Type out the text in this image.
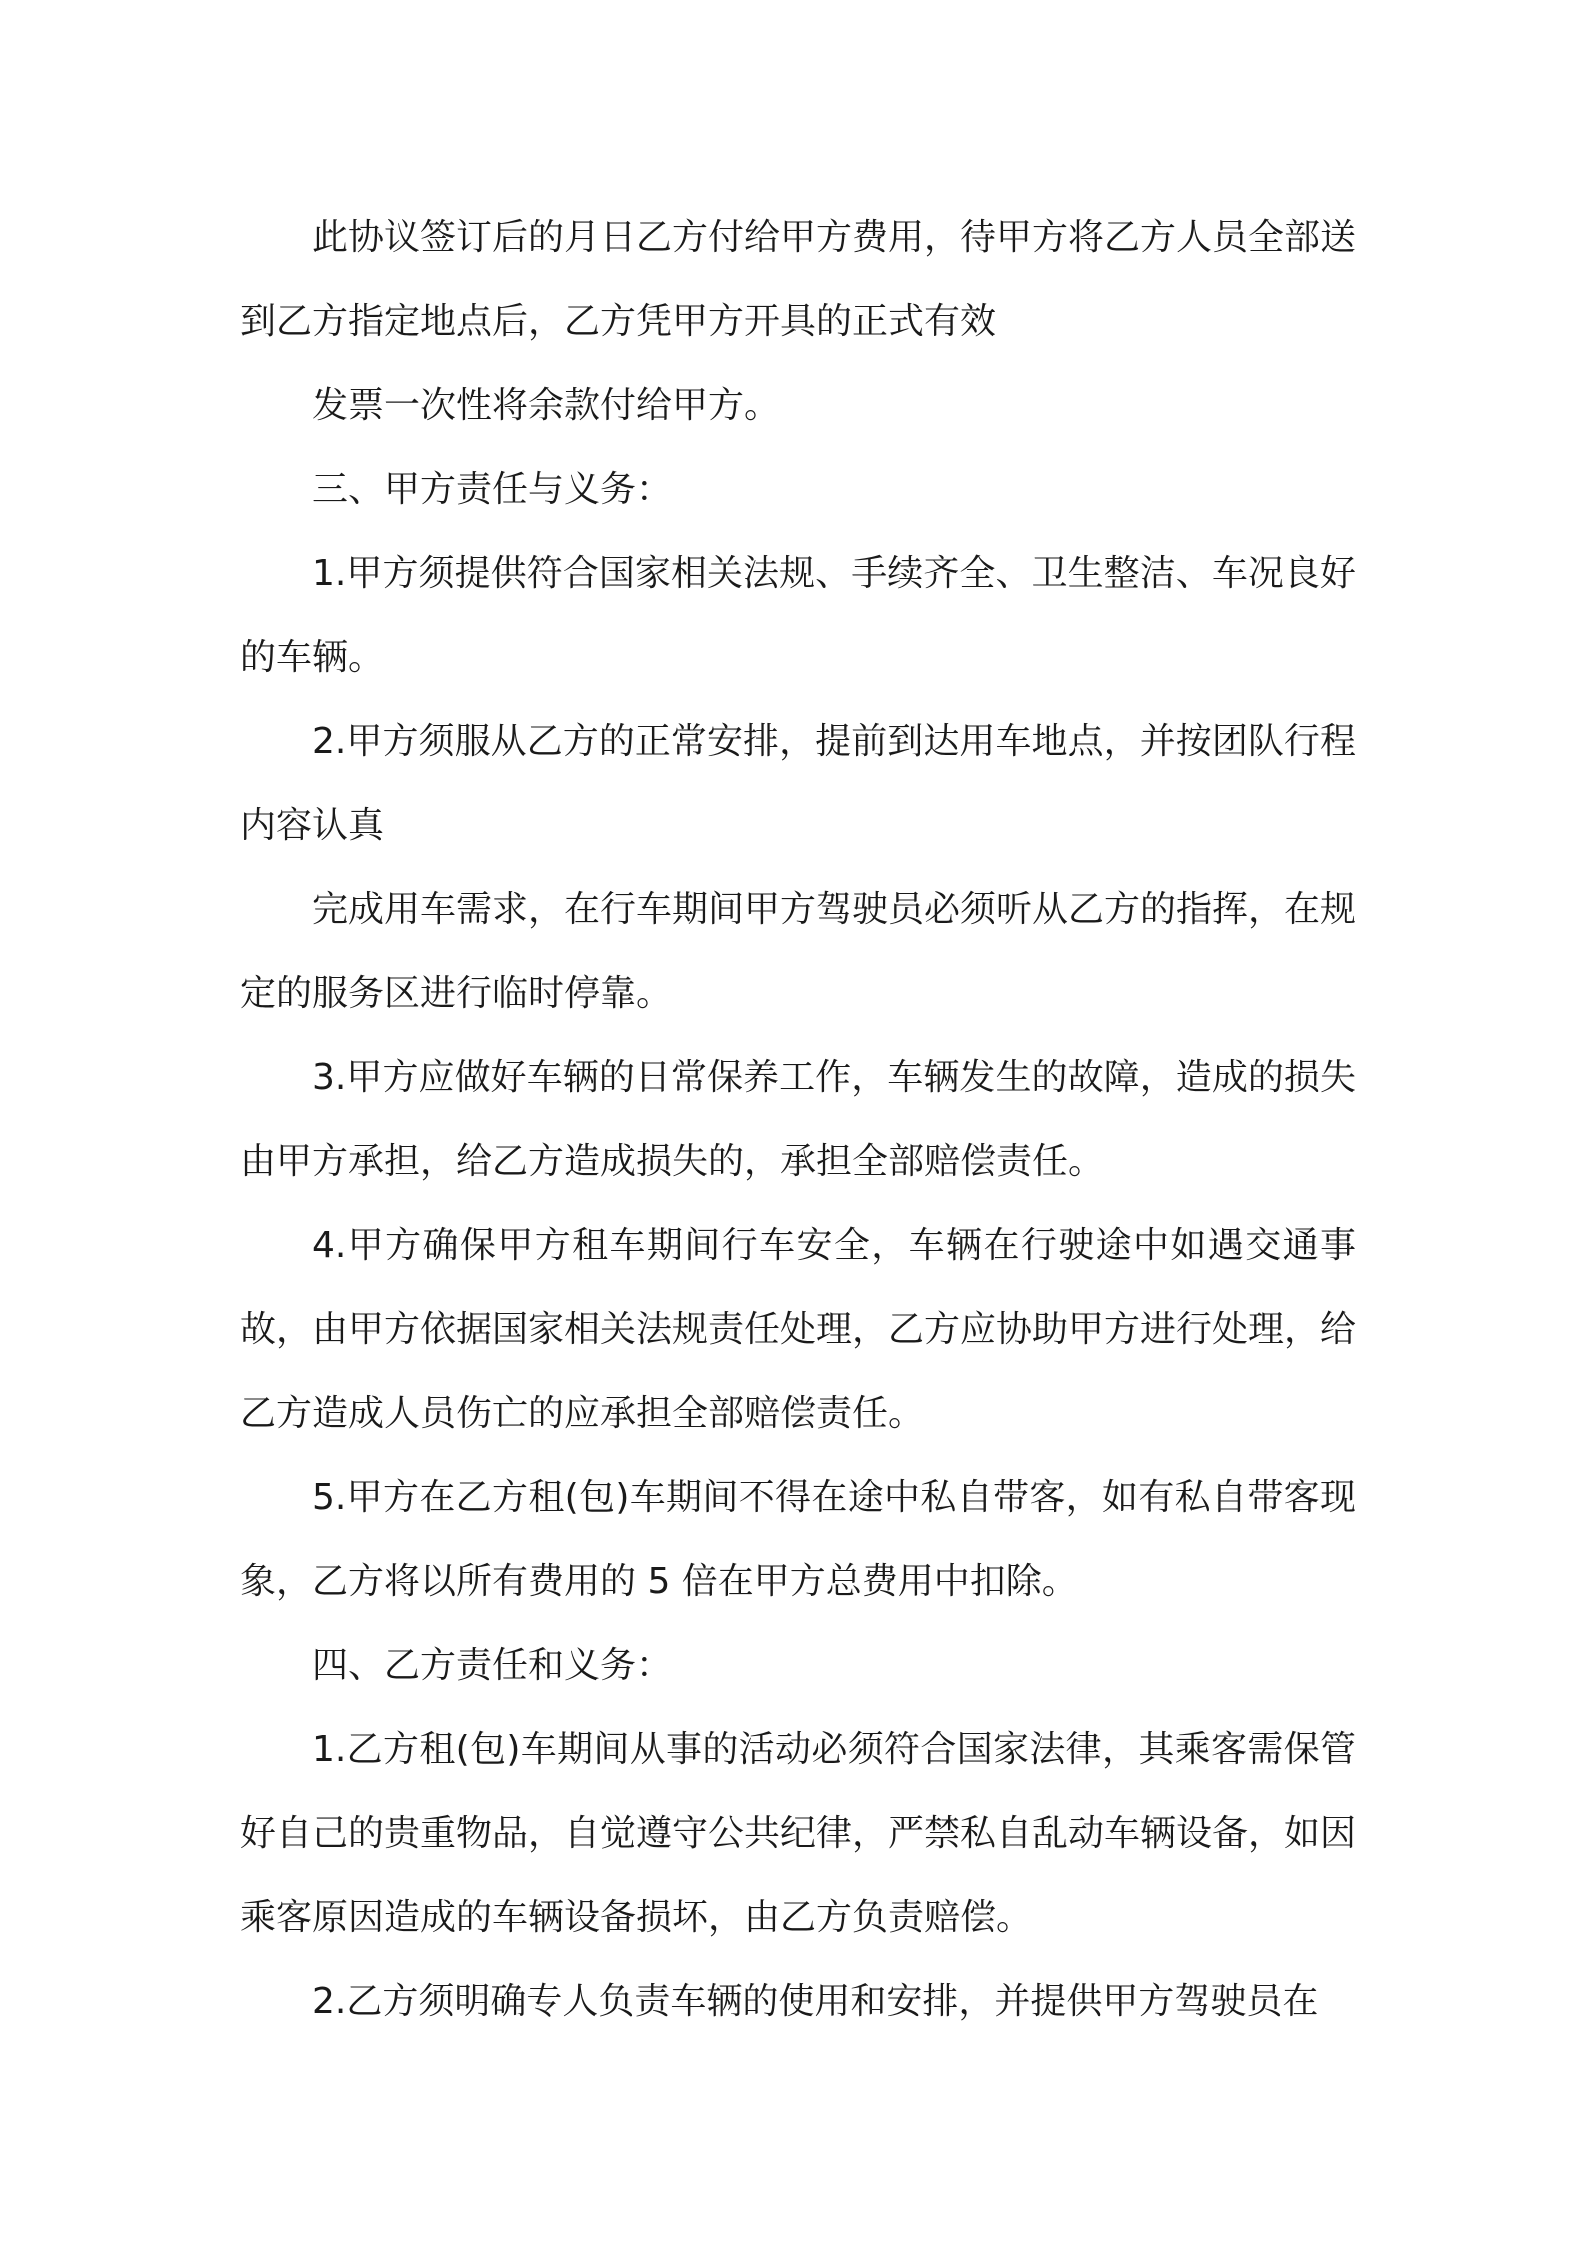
此协议签订后的月日乙方付给甲方费用，待甲方将乙方人员全部送到乙方指定地点后，乙方凭甲方开具的正式有效

发票一次性将余款付给甲方。

三、甲方责任与义务：

1.甲方须提供符合国家相关法规、手续齐全、卫生整洁、车况良好的车辆。

2.甲方须服从乙方的正常安排，提前到达用车地点，并按团队行程内容认真

完成用车需求，在行车期间甲方驾驶员必须听从乙方的指挥，在规定的服务区进行临时停靠。

3.甲方应做好车辆的日常保养工作，车辆发生的故障，造成的损失由甲方承担，给乙方造成损失的，承担全部赔偿责任。

4.甲方确保甲方租车期间行车安全，车辆在行驶途中如遇交通事故，由甲方依据国家相关法规责任处理，乙方应协助甲方进行处理，给乙方造成人员伤亡的应承担全部赔偿责任。

5.甲方在乙方租(包)车期间不得在途中私自带客，如有私自带客现象，乙方将以所有费用的 5 倍在甲方总费用中扣除。

四、乙方责任和义务：

1.乙方租(包)车期间从事的活动必须符合国家法律，其乘客需保管好自己的贵重物品，自觉遵守公共纪律，严禁私自乱动车辆设备，如因乘客原因造成的车辆设备损坏，由乙方负责赔偿。

2.乙方须明确专人负责车辆的使用和安排，并提供甲方驾驶员在
